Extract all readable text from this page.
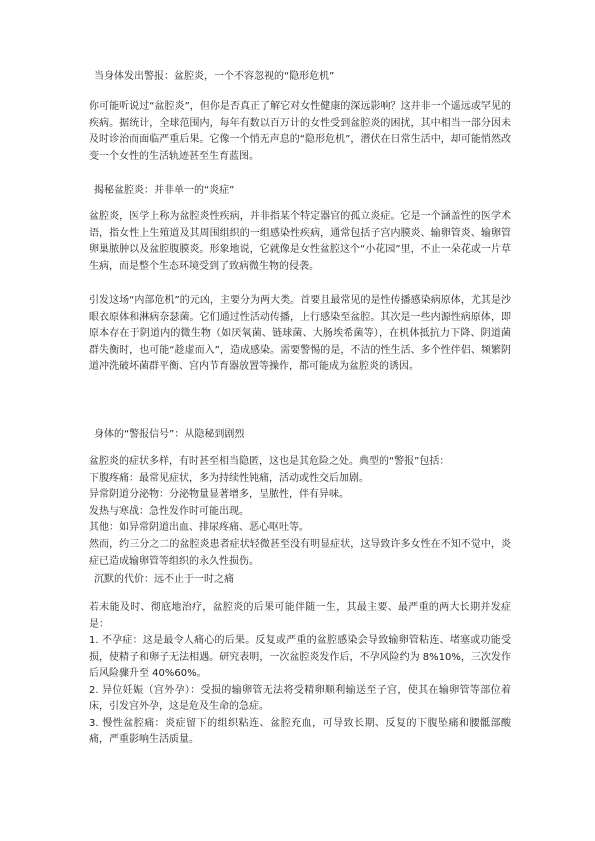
当身体发出警报：盆腔炎，一个不容忽视的“隐形危机”
你可能听说过“盆腔炎”，但你是否真正了解它对女性健康的深远影响？这并非一个遥远或罕见的疾病。据统计，全球范围内，每年有数以百万计的女性受到盆腔炎的困扰，其中相当一部分因未及时诊治而面临严重后果。它像一个悄无声息的“隐形危机”，潜伏在日常生活中，却可能悄然改变一个女性的生活轨迹甚至生育蓝图。
揭秘盆腔炎：并非单一的“炎症”
盆腔炎，医学上称为盆腔炎性疾病，并非指某个特定器官的孤立炎症。它是一个涵盖性的医学术语，指女性上生殖道及其周围组织的一组感染性疾病，通常包括子宫内膜炎、输卵管炎、输卵管卵巢脓肿以及盆腔腹膜炎。形象地说，它就像是女性盆腔这个“小花园”里，不止一朵花或一片草生病，而是整个生态环境受到了致病微生物的侵袭。
引发这场“内部危机”的元凶，主要分为两大类。首要且最常见的是性传播感染病原体，尤其是沙眼衣原体和淋病奈瑟菌。它们通过性活动传播，上行感染至盆腔。其次是一些内源性病原体，即原本存在于阴道内的微生物（如厌氧菌、链球菌、大肠埃希菌等），在机体抵抗力下降、阴道菌群失衡时，也可能“趁虚而入”，造成感染。需要警惕的是，不洁的性生活、多个性伴侣、频繁阴道冲洗破坏菌群平衡、宫内节育器放置等操作，都可能成为盆腔炎的诱因。
身体的“警报信号”：从隐秘到剧烈
盆腔炎的症状多样，有时甚至相当隐匿，这也是其危险之处。典型的“警报”包括：
下腹疼痛：最常见症状，多为持续性钝痛，活动或性交后加剧。
异常阴道分泌物：分泌物量显著增多，呈脓性，伴有异味。
发热与寒战：急性发作时可能出现。
其他：如异常阴道出血、排尿疼痛、恶心呕吐等。
然而，约三分之二的盆腔炎患者症状轻微甚至没有明显症状，这导致许多女性在不知不觉中，炎症已造成输卵管等组织的永久性损伤。
沉默的代价：远不止于一时之痛
若未能及时、彻底地治疗，盆腔炎的后果可能伴随一生，其最主要、最严重的两大长期并发症是：
1. 不孕症：这是最令人痛心的后果。反复或严重的盆腔感染会导致输卵管粘连、堵塞或功能受损，使精子和卵子无法相遇。研究表明，一次盆腔炎发作后，不孕风险约为 8%10%，三次发作后风险骤升至 40%60%。
2. 异位妊娠（宫外孕）：受损的输卵管无法将受精卵顺利输送至子宫，使其在输卵管等部位着床，引发宫外孕，这是危及生命的急症。
3. 慢性盆腔痛：炎症留下的组织粘连、盆腔充血，可导致长期、反复的下腹坠痛和腰骶部酸痛，严重影响生活质量。
